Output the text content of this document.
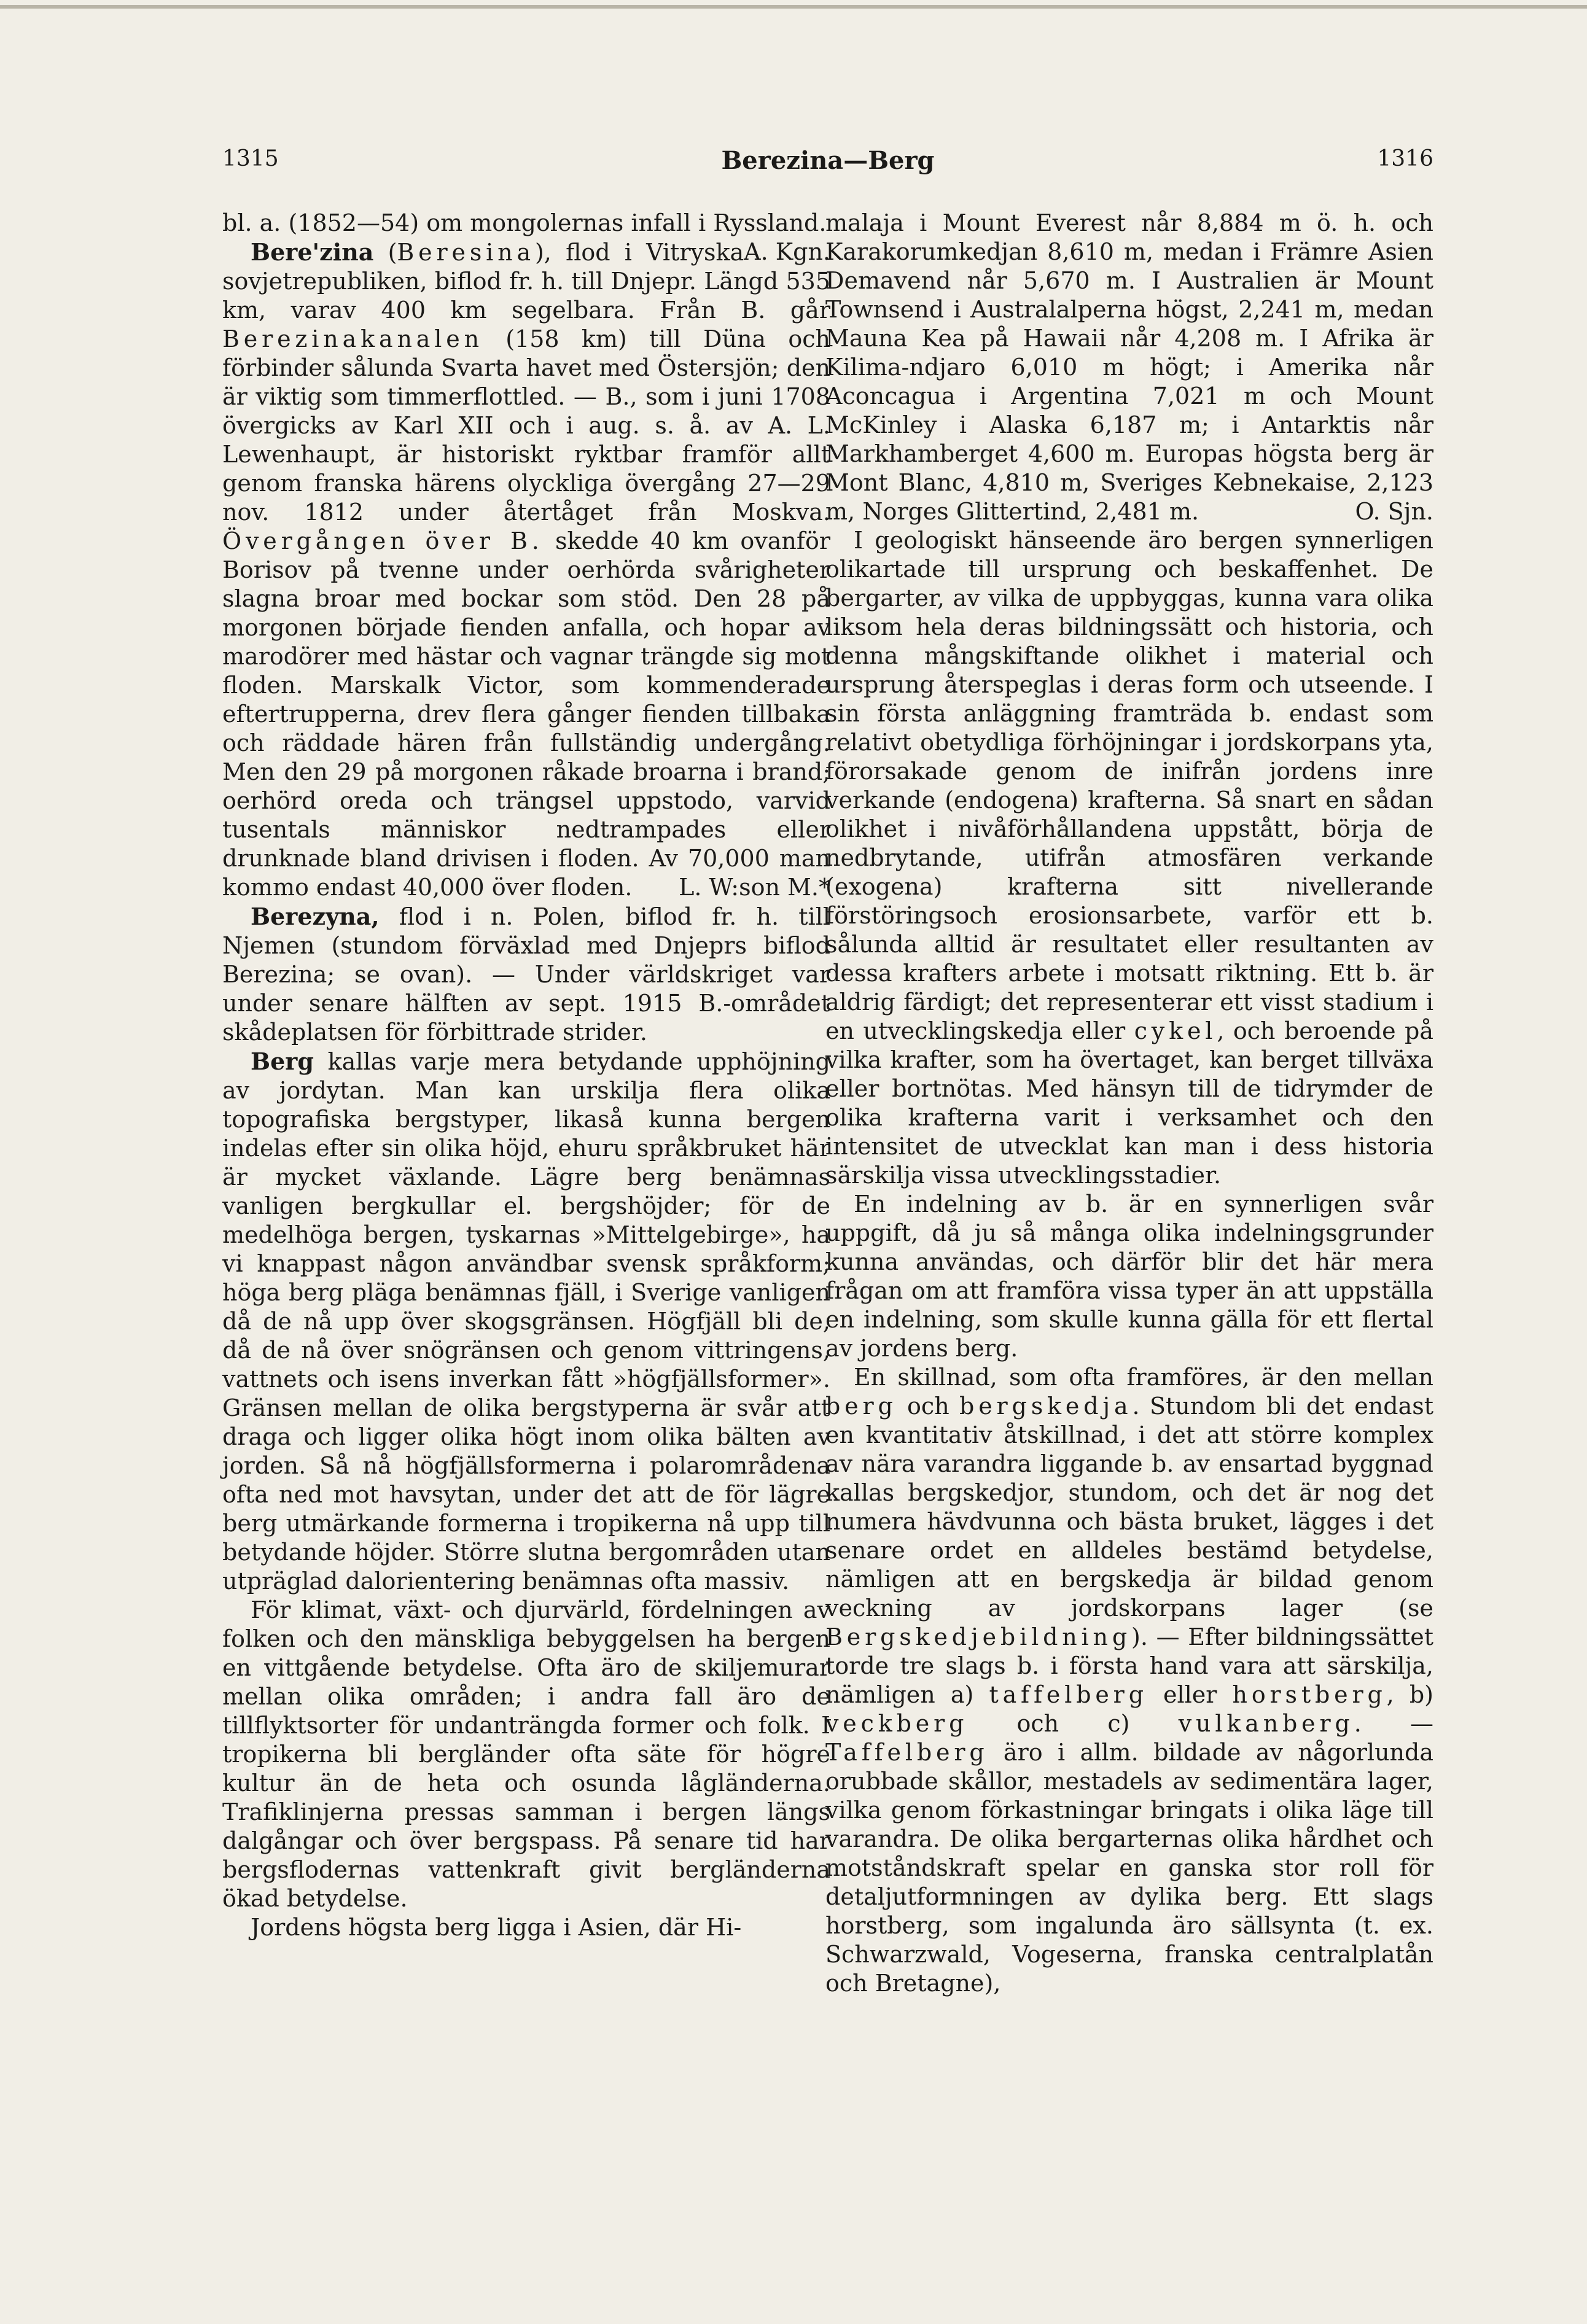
1315	Berezina—Berg	1316

bl. a. (1852—54) om mongolernas infall i Ryssland.
A. Kgn.

Bere'zina (Beresina), flod i Vitryska sovjetrepubliken, biflod fr. h. till Dnjepr. Längd 535 km, varav 400 km segelbara. Från B. går Berezinakanalen (158 km) till Düna och förbinder sålunda Svarta havet med Östersjön; den är viktig som timmerflottled. — B., som i juni 1708 övergicks av Karl XII och i aug. s. å. av A. L. Lewenhaupt, är historiskt ryktbar framför allt genom franska härens olyckliga övergång 27—29 nov. 1812 under återtåget från Moskva. Övergången över B. skedde 40 km ovanför Borisov på tvenne under oerhörda svårigheter slagna broar med bockar som stöd. Den 28 på morgonen började fienden anfalla, och hopar av marodörer med hästar och vagnar trängde sig mot floden. Marskalk Victor, som kommenderade eftertrupperna, drev flera gånger fienden tillbaka och räddade hären från fullständig undergång. Men den 29 på morgonen råkade broarna i brand; oerhörd oreda och trängsel uppstodo, varvid tusentals människor nedtrampades eller drunknade bland drivisen i floden. Av 70,000 man kommo endast 40,000 över floden.	L. W:son M.*

Berezyna, flod i n. Polen, biflod fr. h. till Njemen (stundom förväxlad med Dnjeprs biflod Berezina; se ovan). — Under världskriget var under senare hälften av sept. 1915 B.-området skådeplatsen för förbittrade strider.

Berg kallas varje mera betydande upphöjning av jordytan. Man kan urskilja flera olika topografiska bergstyper, likaså kunna bergen indelas efter sin olika höjd, ehuru språkbruket här är mycket växlande. Lägre berg benämnas vanligen bergkullar el. bergshöjder; för de medelhöga bergen, tyskarnas »Mittelgebirge», ha vi knappast någon användbar svensk språkform; höga berg pläga benämnas fjäll, i Sverige vanligen då de nå upp över skogsgränsen. Högfjäll bli de, då de nå över snögränsen och genom vittringens, vattnets och isens inverkan fått »högfjällsformer». Gränsen mellan de olika bergstyperna är svår att draga och ligger olika högt inom olika bälten av jorden. Så nå högfjällsformerna i polarområdena ofta ned mot havsytan, under det att de för lägre berg utmärkande formerna i tropikerna nå upp till betydande höjder. Större slutna bergområden utan utpräglad dalorientering benämnas ofta massiv.

För klimat, växt- och djurvärld, fördelningen av folken och den mänskliga bebyggelsen ha bergen en vittgående betydelse. Ofta äro de skiljemurar mellan olika områden; i andra fall äro de tillflyktsorter för undanträngda former och folk. I tropikerna bli bergländer ofta säte för högre kultur än de heta och osunda lågländerna. Trafiklinjerna pressas samman i bergen längs dalgångar och över bergspass. På senare tid har bergsflodernas vattenkraft givit bergländerna ökad betydelse.

Jordens högsta berg ligga i Asien, där Hi-

malaja i Mount Everest når 8,884 m ö. h. och Karakorumkedjan 8,610 m, medan i Främre Asien Demavend når 5,670 m. I Australien är Mount Townsend i Australalperna högst, 2,241 m, medan Mauna Kea på Hawaii når 4,208 m. I Afrika är Kilima-ndjaro 6,010 m högt; i Amerika når Aconcagua i Argentina 7,021 m och Mount McKinley i Alaska 6,187 m; i Antarktis når Markhamberget 4,600 m. Europas högsta berg är Mont Blanc, 4,810 m, Sveriges Kebnekaise, 2,123 m, Norges Glittertind, 2,481 m.	O. Sjn.

I geologiskt hänseende äro bergen synnerligen olikartade till ursprung och beskaffenhet. De bergarter, av vilka de uppbyggas, kunna vara olika liksom hela deras bildningssätt och historia, och denna mångskiftande olikhet i material och ursprung återspeglas i deras form och utseende. I sin första anläggning framträda b. endast som relativt obetydliga förhöjningar i jordskorpans yta, förorsakade genom de inifrån jordens inre verkande (endogena) krafterna. Så snart en sådan olikhet i nivåförhållandena uppstått, börja de nedbrytande, utifrån atmosfären verkande (exogena) krafterna sitt nivellerande förstöringsoch erosionsarbete, varför ett b. sålunda alltid är resultatet eller resultanten av dessa krafters arbete i motsatt riktning. Ett b. är aldrig färdigt; det representerar ett visst stadium i en utvecklingskedja eller cykel, och beroende på vilka krafter, som ha övertaget, kan berget tillväxa eller bortnötas. Med hänsyn till de tidrymder de olika krafterna varit i verksamhet och den intensitet de utvecklat kan man i dess historia särskilja vissa utvecklingsstadier.

En indelning av b. är en synnerligen svår uppgift, då ju så många olika indelningsgrunder kunna användas, och därför blir det här mera frågan om att framföra vissa typer än att uppställa en indelning, som skulle kunna gälla för ett flertal av jordens berg.

En skillnad, som ofta framföres, är den mellan berg och bergskedja. Stundom bli det endast en kvantitativ åtskillnad, i det att större komplex av nära varandra liggande b. av ensartad byggnad kallas bergskedjor, stundom, och det är nog det numera hävdvunna och bästa bruket, lägges i det senare ordet en alldeles bestämd betydelse, nämligen att en bergskedja är bildad genom veckning av jordskorpans lager (se Bergskedjebildning). — Efter bildningssättet torde tre slags b. i första hand vara att särskilja, nämligen a) taffelberg eller horstberg, b) veckberg och c) vulkanberg. — Taffelberg äro i allm. bildade av någorlunda orubbade skållor, mestadels av sedimentära lager, vilka genom förkastningar bringats i olika läge till varandra. De olika bergarternas olika hårdhet och motståndskraft spelar en ganska stor roll för detaljutformningen av dylika berg. Ett slags horstberg, som ingalunda äro sällsynta (t. ex. Schwarzwald, Vogeserna, franska centralplatån och Bretagne),
